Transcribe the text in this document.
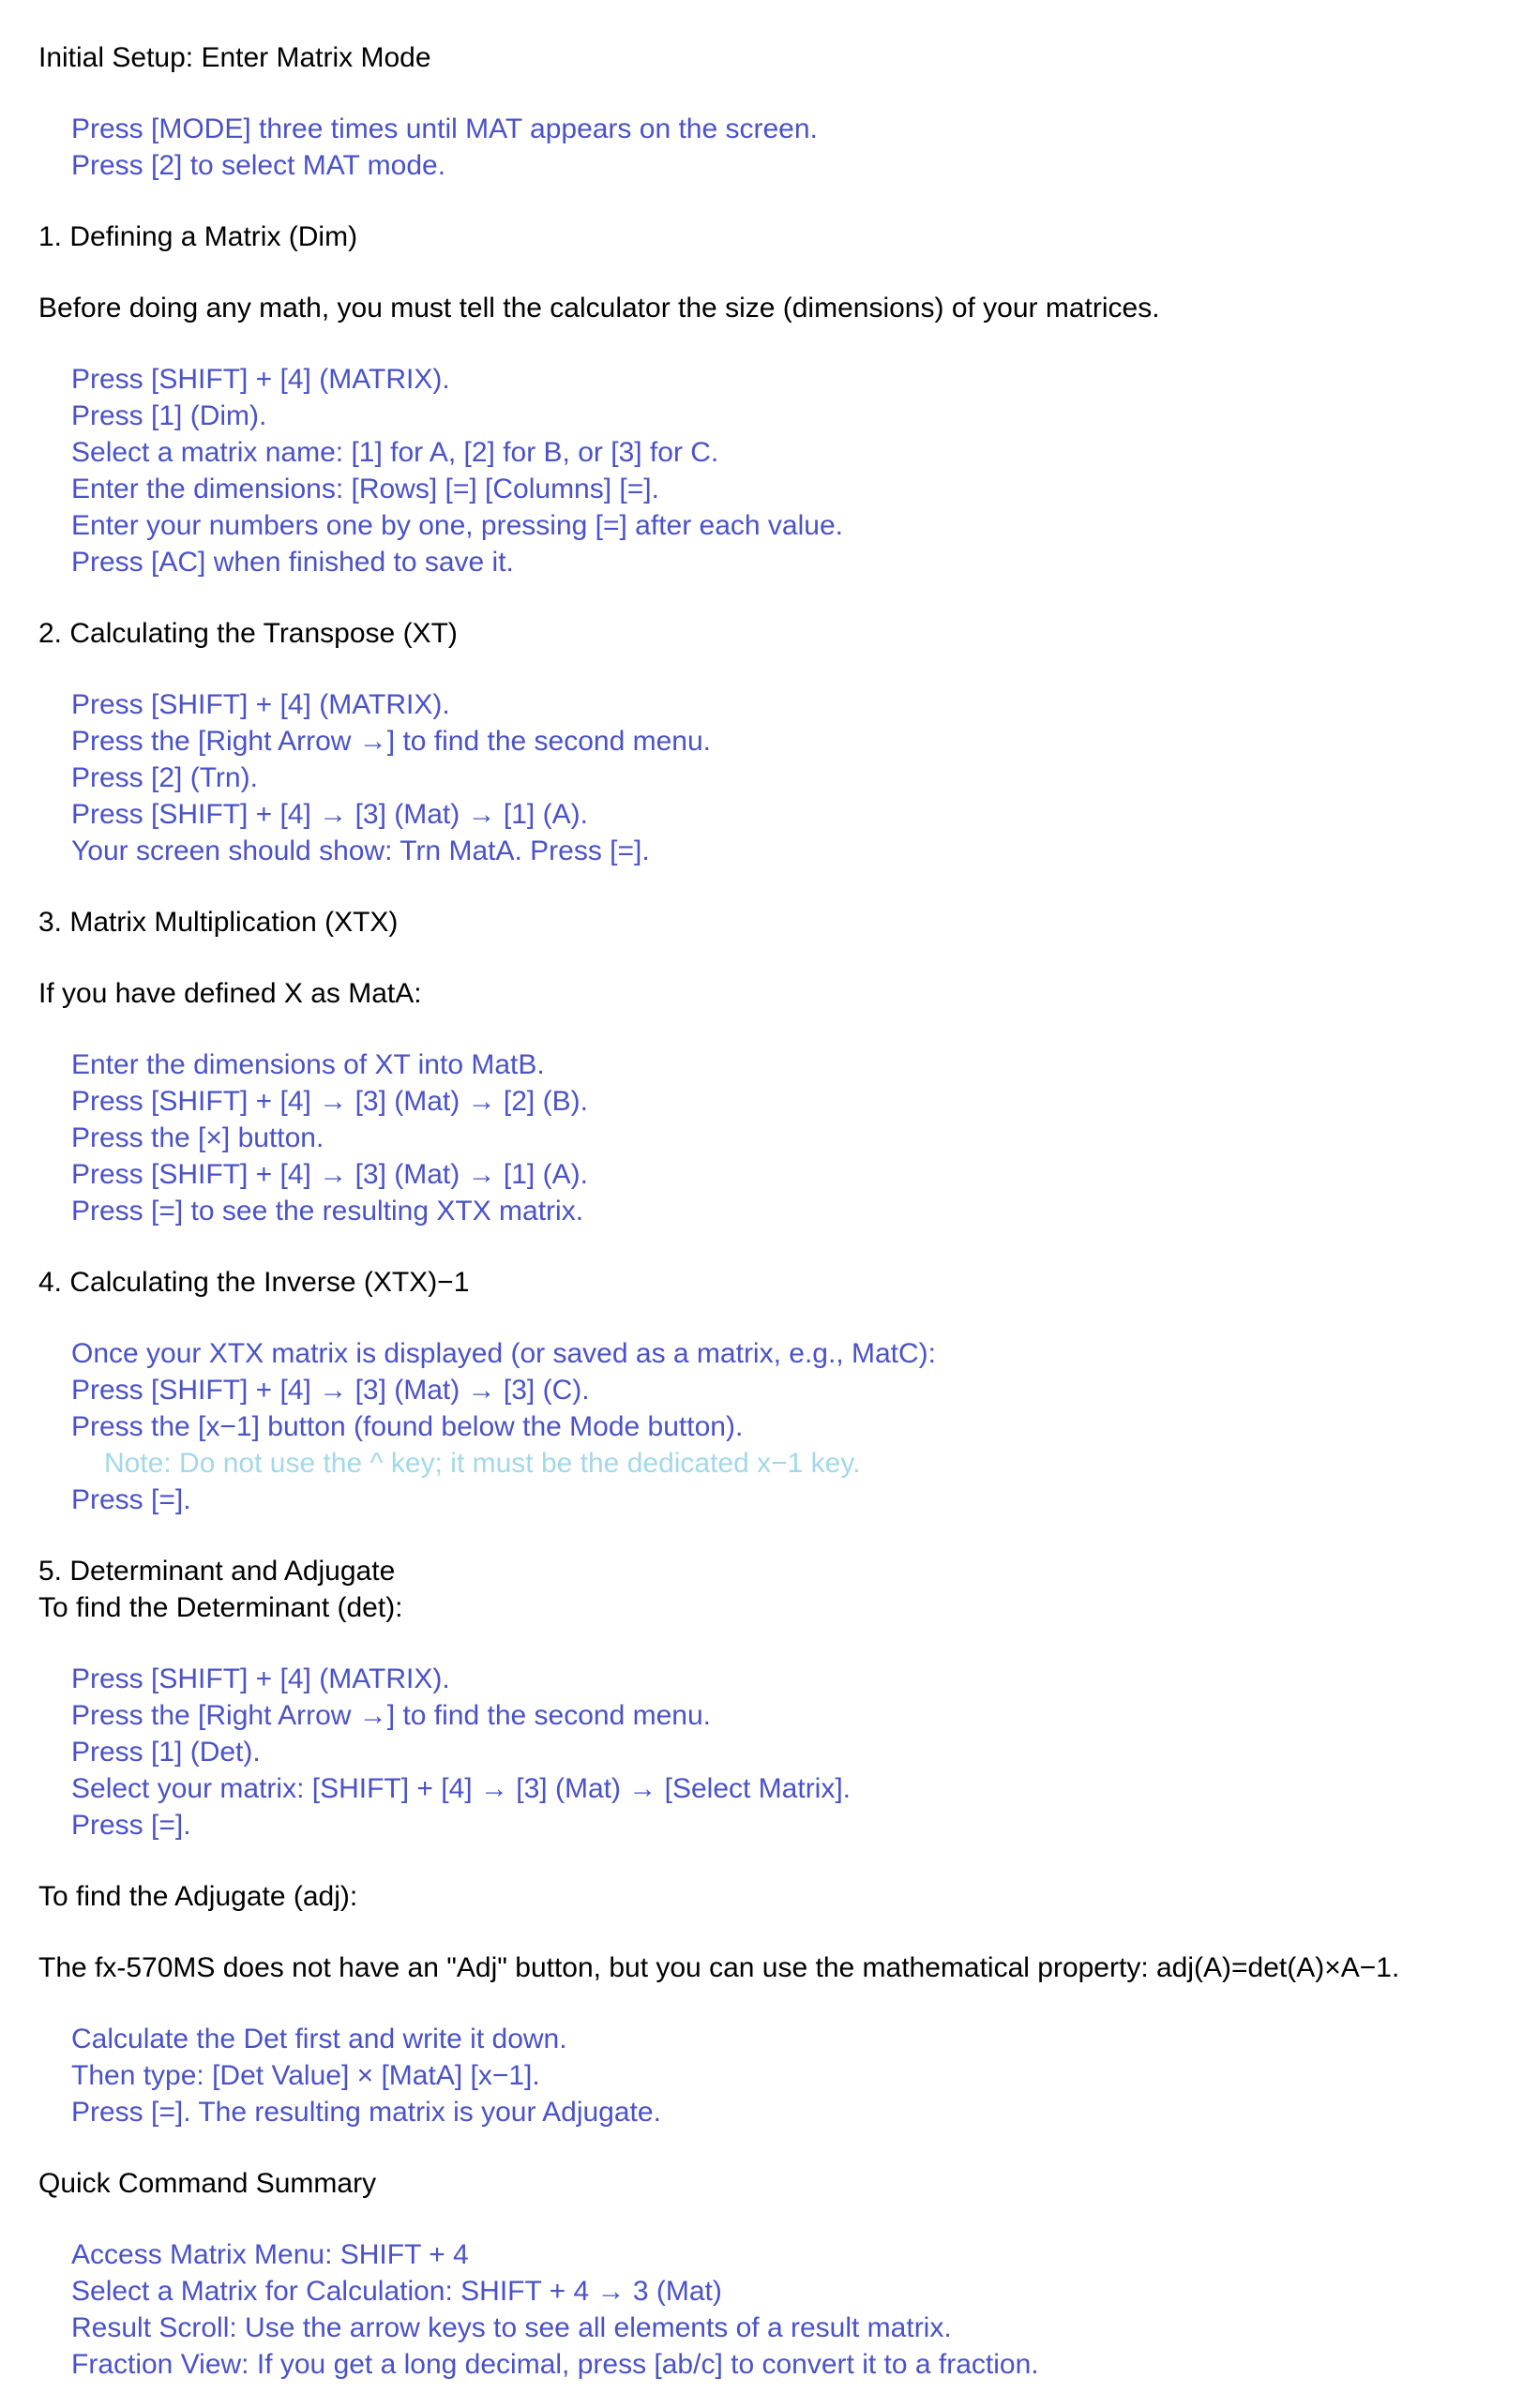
Initial Setup: Enter Matrix Mode
Press [MODE] three times until MAT appears on the screen.
Press [2] to select MAT mode.
1. Defining a Matrix (Dim)
Before doing any math, you must tell the calculator the size (dimensions) of your matrices.
Press [SHIFT] + [4] (MATRIX).
Press [1] (Dim).
Select a matrix name: [1] for A, [2] for B, or [3] for C.
Enter the dimensions: [Rows] [=] [Columns] [=].
Enter your numbers one by one, pressing [=] after each value.
Press [AC] when finished to save it.
2. Calculating the Transpose (XT)
Press [SHIFT] + [4] (MATRIX).
Press the [Right Arrow →] to find the second menu.
Press [2] (Trn).
Press [SHIFT] + [4] → [3] (Mat) → [1] (A).
Your screen should show: Trn MatA. Press [=].
3. Matrix Multiplication (XTX)
If you have defined X as MatA:
Enter the dimensions of XT into MatB.
Press [SHIFT] + [4] → [3] (Mat) → [2] (B).
Press the [×] button.
Press [SHIFT] + [4] → [3] (Mat) → [1] (A).
Press [=] to see the resulting XTX matrix.
4. Calculating the Inverse (XTX)−1
Once your XTX matrix is displayed (or saved as a matrix, e.g., MatC):
Press [SHIFT] + [4] → [3] (Mat) → [3] (C).
Press the [x−1] button (found below the Mode button).
Note: Do not use the ^ key; it must be the dedicated x−1 key.
Press [=].
5. Determinant and Adjugate
To find the Determinant (det):
Press [SHIFT] + [4] (MATRIX).
Press the [Right Arrow →] to find the second menu.
Press [1] (Det).
Select your matrix: [SHIFT] + [4] → [3] (Mat) → [Select Matrix].
Press [=].
To find the Adjugate (adj):
The fx-570MS does not have an "Adj" button, but you can use the mathematical property: adj(A)=det(A)×A−1.
Calculate the Det first and write it down.
Then type: [Det Value] × [MatA] [x−1].
Press [=]. The resulting matrix is your Adjugate.
Quick Command Summary
Access Matrix Menu: SHIFT + 4
Select a Matrix for Calculation: SHIFT + 4 → 3 (Mat)
Result Scroll: Use the arrow keys to see all elements of a result matrix.
Fraction View: If you get a long decimal, press [ab/c] to convert it to a fraction.
